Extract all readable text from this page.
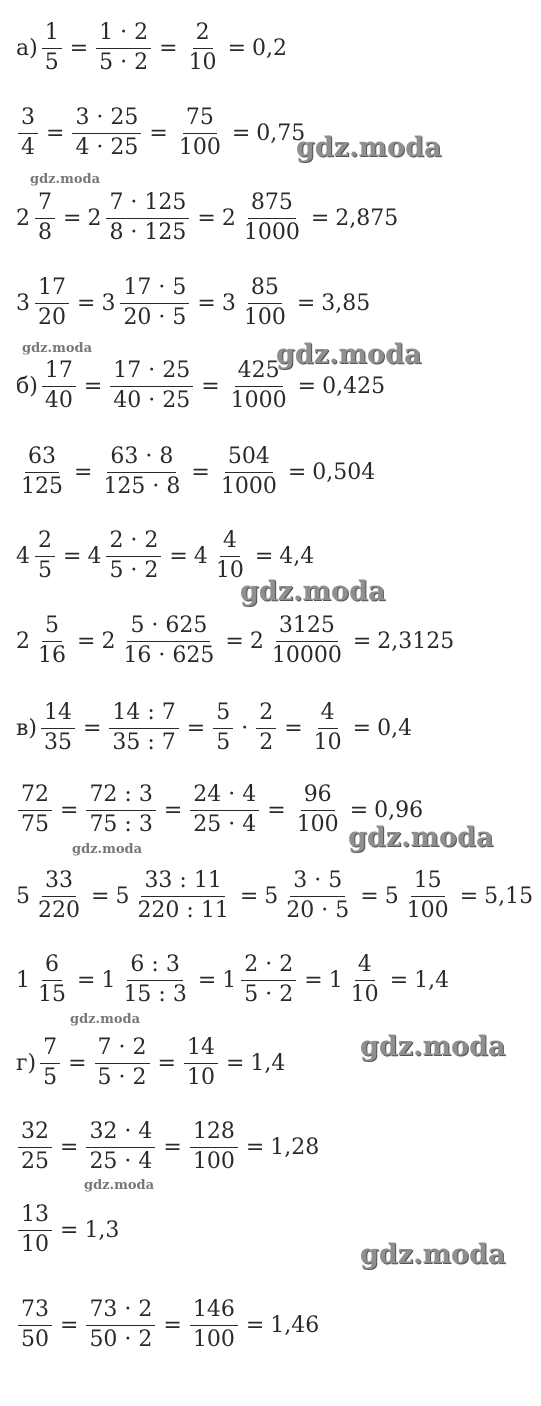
$а) \frac{1}{5} = \frac{1 \cdot 2}{5 \cdot 2} = \frac{2}{10} = 0,2$
$\frac{3}{4} = \frac{3 \cdot 25}{4 \cdot 25} = \frac{75}{100} = 0,75$
$2 \frac{7}{8} = 2 \frac{7 \cdot 125}{8 \cdot 125} = 2 \frac{875}{1000} = 2,875$
$3 \frac{17}{20} = 3 \frac{17 \cdot 5}{20 \cdot 5} = 3 \frac{85}{100} = 3,85$
$б) \frac{17}{40} = \frac{17 \cdot 25}{40 \cdot 25} = \frac{425}{1000} = 0,425$
$\frac{63}{125} = \frac{63 \cdot 8}{125 \cdot 8} = \frac{504}{1000} = 0,504$
$4 \frac{2}{5} = 4 \frac{2 \cdot 2}{5 \cdot 2} = 4 \frac{4}{10} = 4,4$
$2 \frac{5}{16} = 2 \frac{5 \cdot 625}{16 \cdot 625} = 2 \frac{3125}{10000} = 2,3125$
$в) \frac{14}{35} = \frac{14 : 7}{35 : 7} = \frac{5}{5} \cdot \frac{2}{2} = \frac{4}{10} = 0,4$
$\frac{72}{75} = \frac{72 : 3}{75 : 3} = \frac{24 \cdot 4}{25 \cdot 4} = \frac{96}{100} = 0,96$
$5 \frac{33}{220} = 5 \frac{33 : 11}{220 : 11} = 5 \frac{3 \cdot 5}{20 \cdot 5} = 5 \frac{15}{100} = 5,15$
$1 \frac{6}{15} = 1 \frac{6 : 3}{15 : 3} = 1 \frac{2 \cdot 2}{5 \cdot 2} = 1 \frac{4}{10} = 1,4$
$г) \frac{7}{5} = \frac{7 \cdot 2}{5 \cdot 2} = \frac{14}{10} = 1,4$
$\frac{32}{25} = \frac{32 \cdot 4}{25 \cdot 4} = \frac{128}{100} = 1,28$
$\frac{13}{10} = 1,3$
$\frac{73}{50} = \frac{73 \cdot 2}{50 \cdot 2} = \frac{146}{100} = 1,46$
gdz.moda
gdz.moda
gdz.moda	gdz.moda
gdz.moda
gdz.moda
gdz.moda
gdz.moda
gdz.moda
gdz.moda
gdz.moda
